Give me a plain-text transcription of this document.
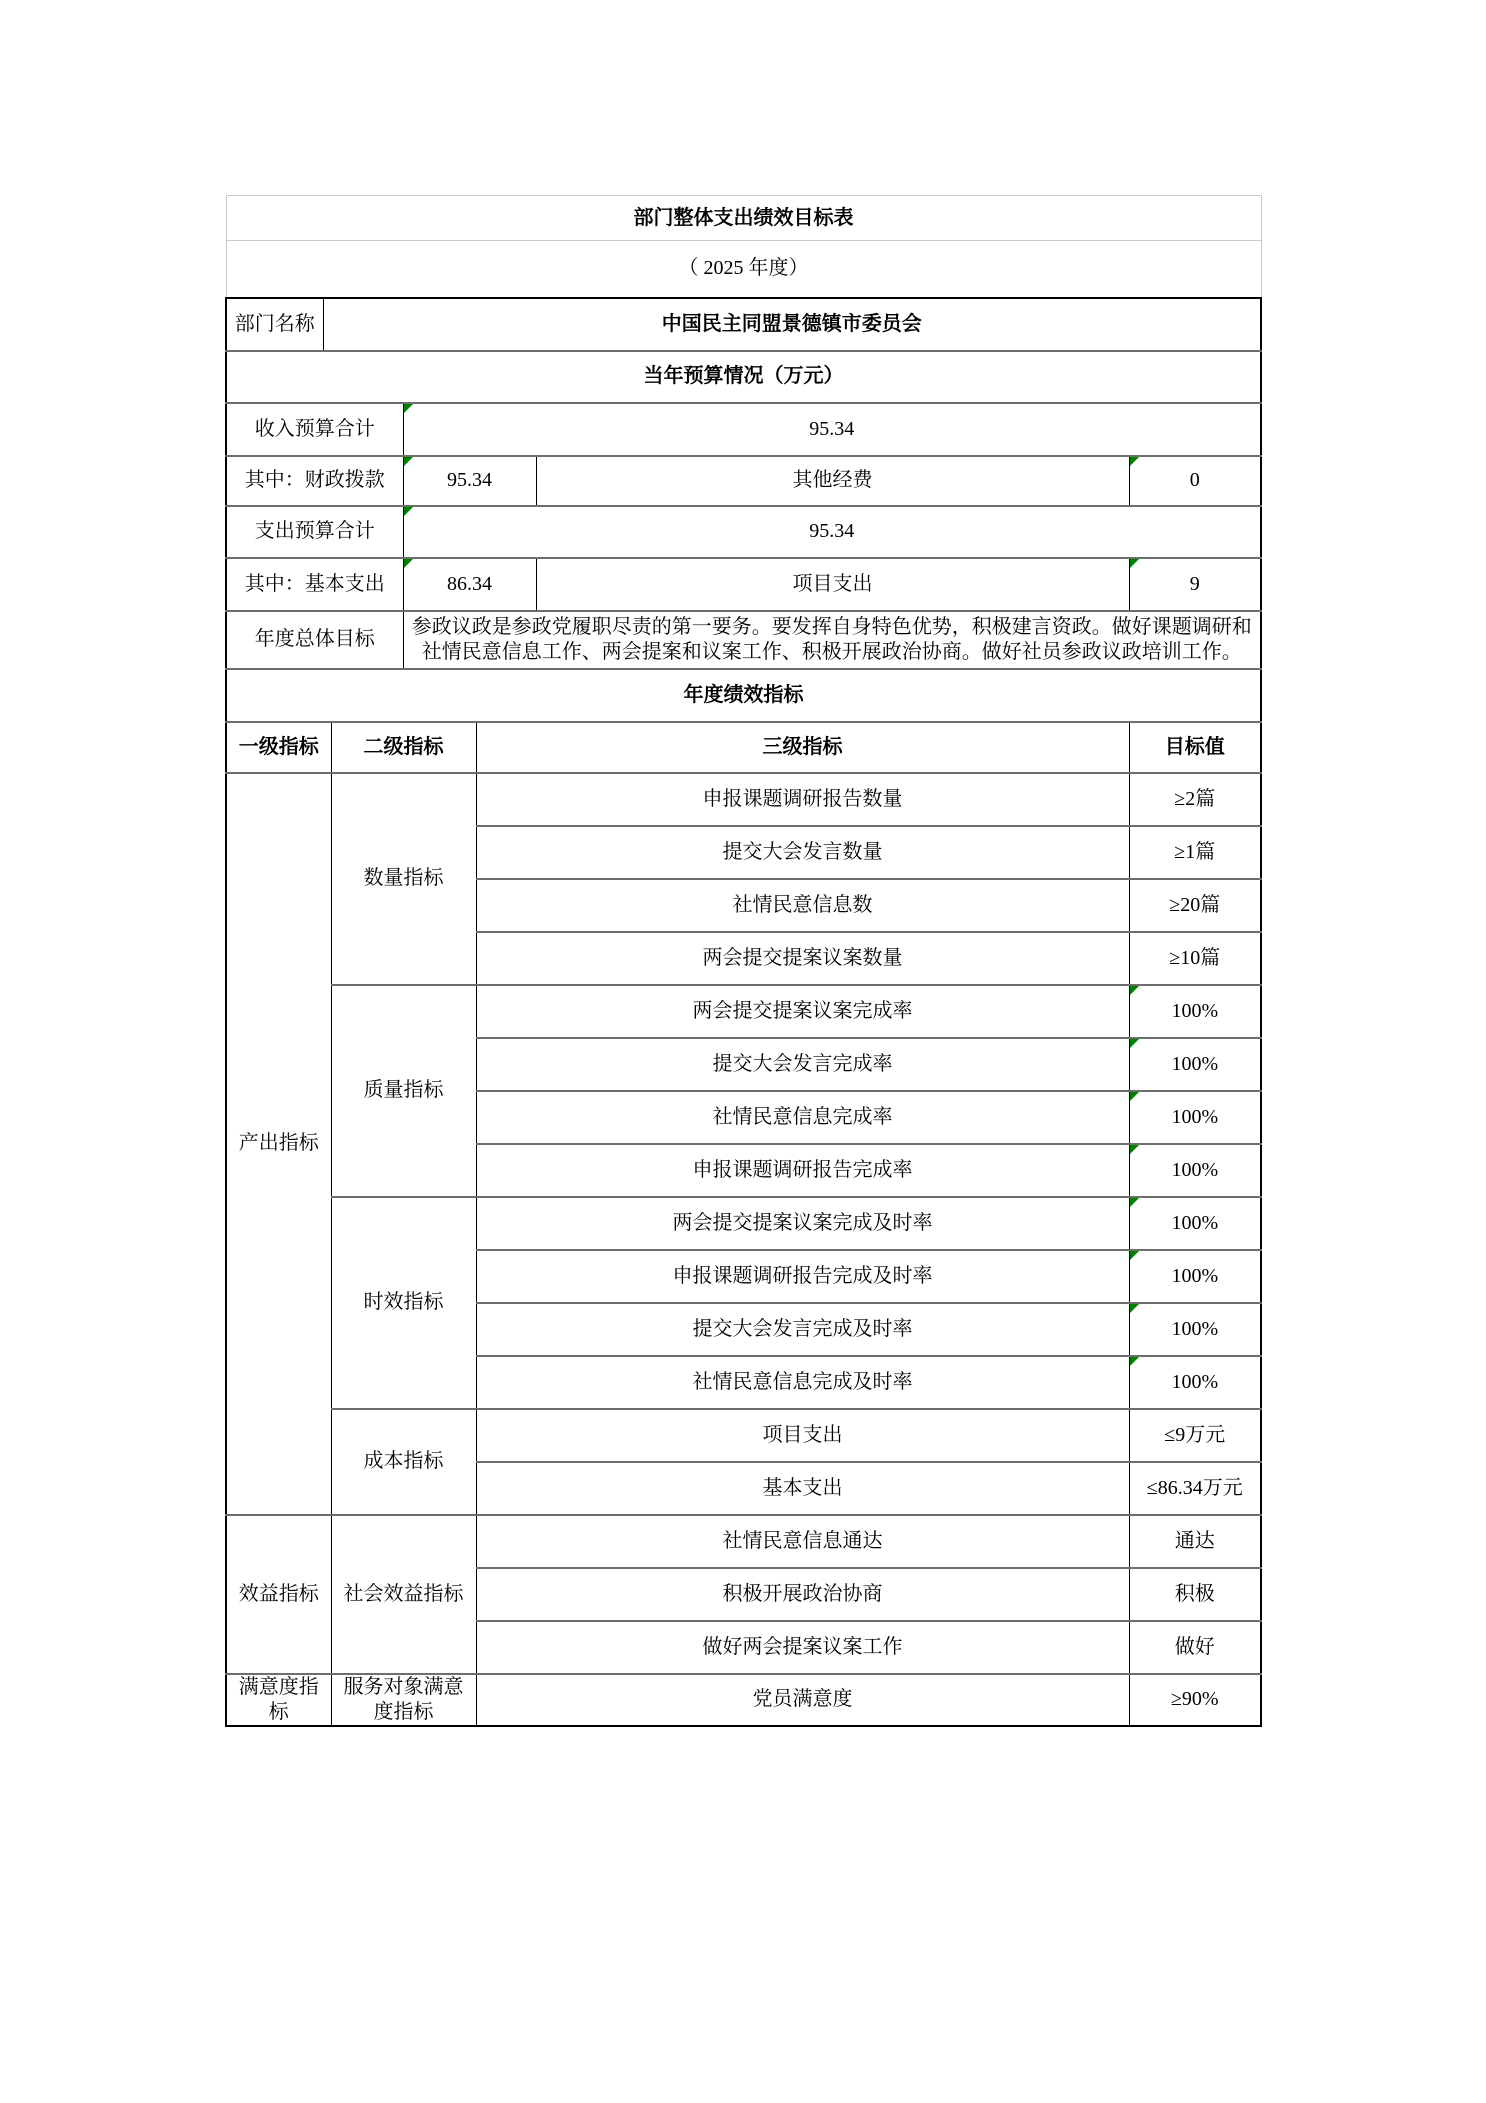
部门整体支出绩效目标表						
（ 2025 年度）						
部门名称	中国民主同盟景德镇市委员会					
当年预算情况（万元）						
收入预算合计			95.34			
其中：财政拨款			95.34		其他经费	0
支出预算合计			95.34			
其中：基本支出			86.34		项目支出	9
年度总体目标			参政议政是参政党履职尽责的第一要务。要发挥自身特色优势，积极建言资政。做好课题调研和社情民意信息工作、两会提案和议案工作、积极开展政治协商。做好社员参政议政培训工作。			
年度绩效指标						
一级指标		二级指标		三级指标		目标值
产出指标		数量指标		申报课题调研报告数量		≥2篇
				提交大会发言数量		≥1篇
				社情民意信息数		≥20篇
				两会提交提案议案数量		≥10篇
		质量指标		两会提交提案议案完成率		100%
				提交大会发言完成率		100%
				社情民意信息完成率		100%
				申报课题调研报告完成率		100%
		时效指标		两会提交提案议案完成及时率		100%
				申报课题调研报告完成及时率		100%
				提交大会发言完成及时率		100%
				社情民意信息完成及时率		100%
		成本指标		项目支出		≤9万元
				基本支出		≤86.34万元
效益指标		社会效益指标		社情民意信息通达		通达
				积极开展政治协商		积极
				做好两会提案议案工作		做好

满意度指标		服务对象满意度指标		党员满意度		≥90%
